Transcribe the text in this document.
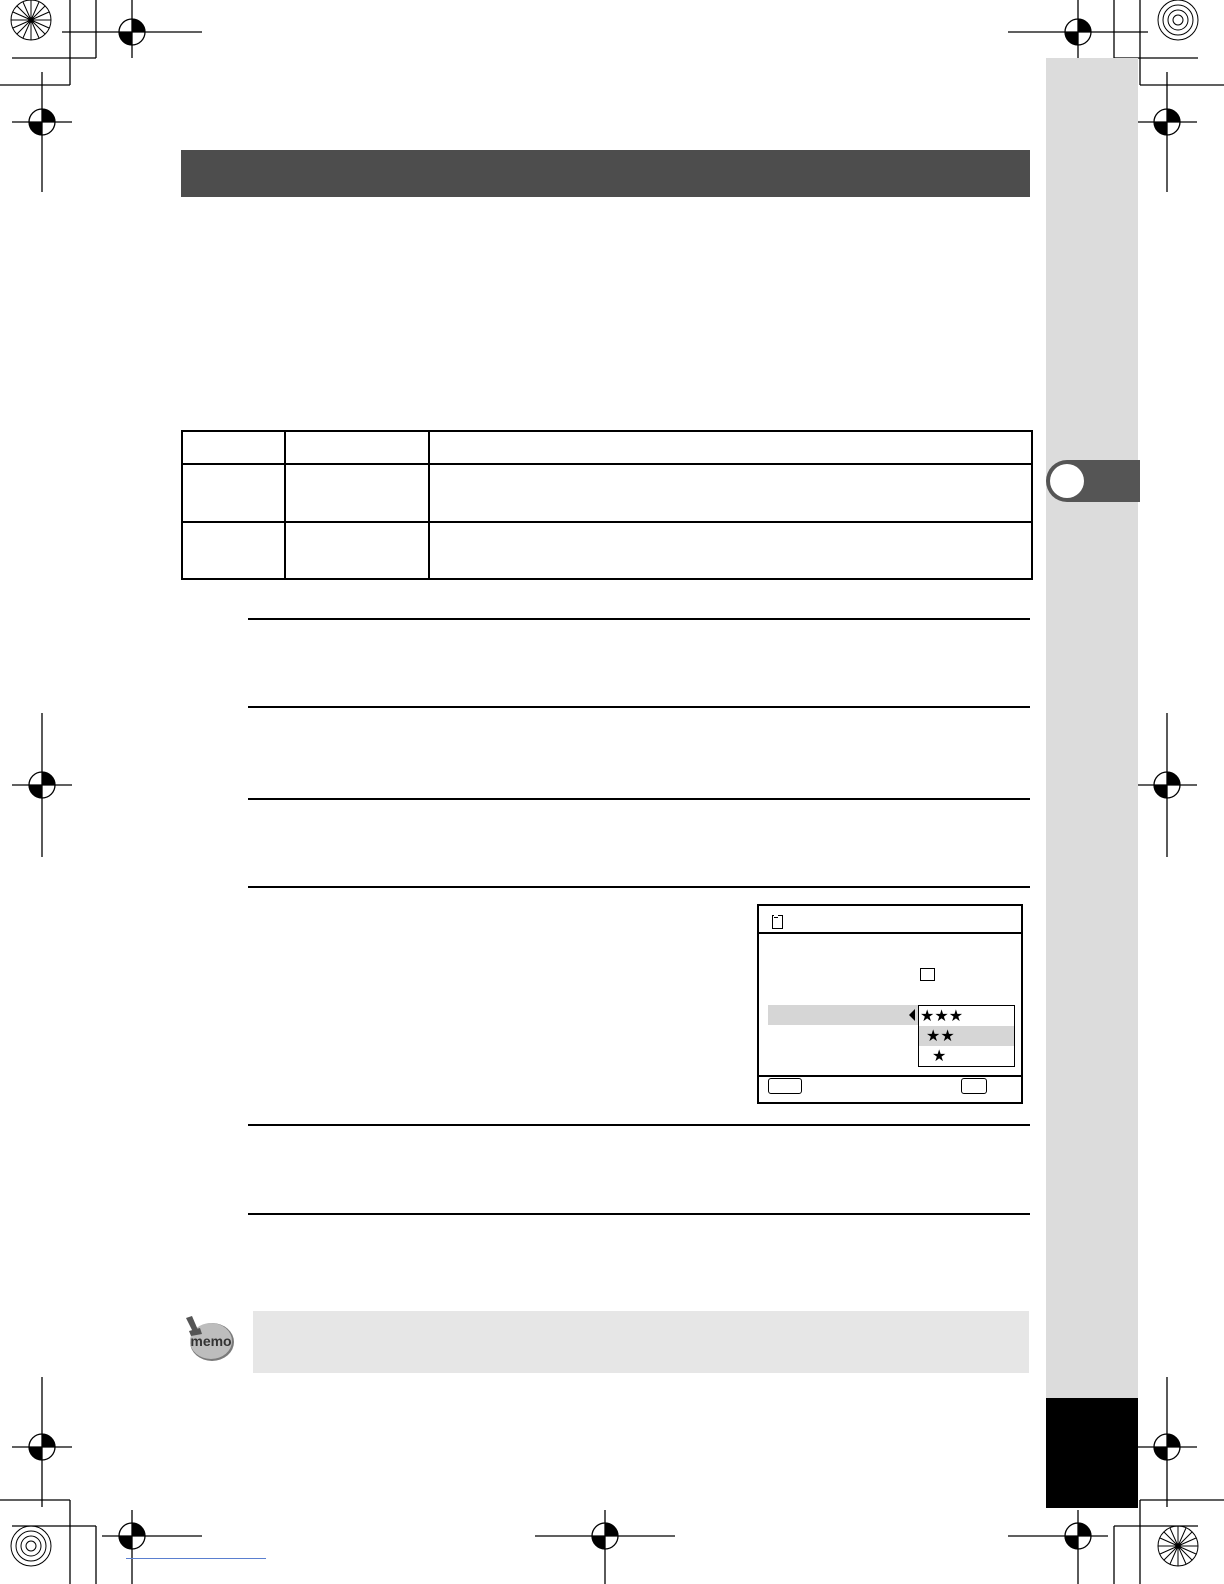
★★★
★★
★
memo
